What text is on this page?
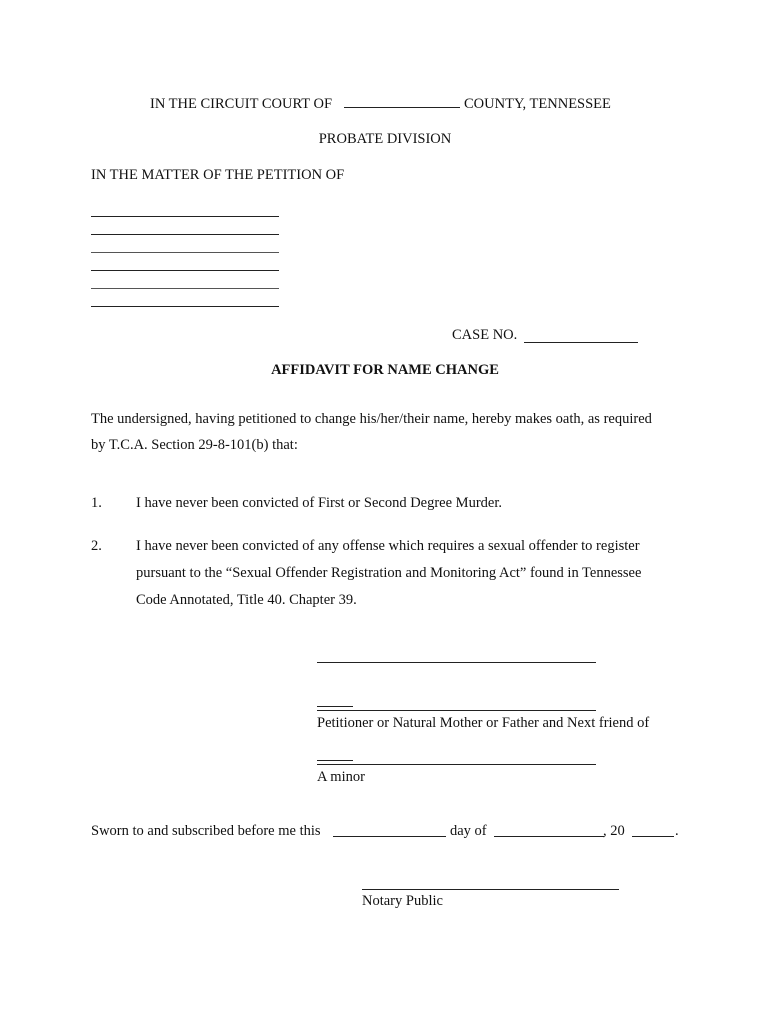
IN THE CIRCUIT COURT OF	COUNTY, TENNESSEE
PROBATE DIVISION
IN THE MATTER OF THE PETITION OF
CASE NO.
AFFIDAVIT FOR NAME CHANGE
The undersigned, having petitioned to change his/her/their name, hereby makes oath, as required
by T.C.A. Section 29-8-101(b) that:
1. I have never been convicted of First or Second Degree Murder.
2. I have never been convicted of any offense which requires a sexual offender to register
pursuant to the “Sexual Offender Registration and Monitoring Act” found in Tennessee
Code Annotated, Title 40. Chapter 39.
Petitioner or Natural Mother or Father and Next friend of
A minor
Sworn to and subscribed before me this	day of	, 20	.
Notary Public
